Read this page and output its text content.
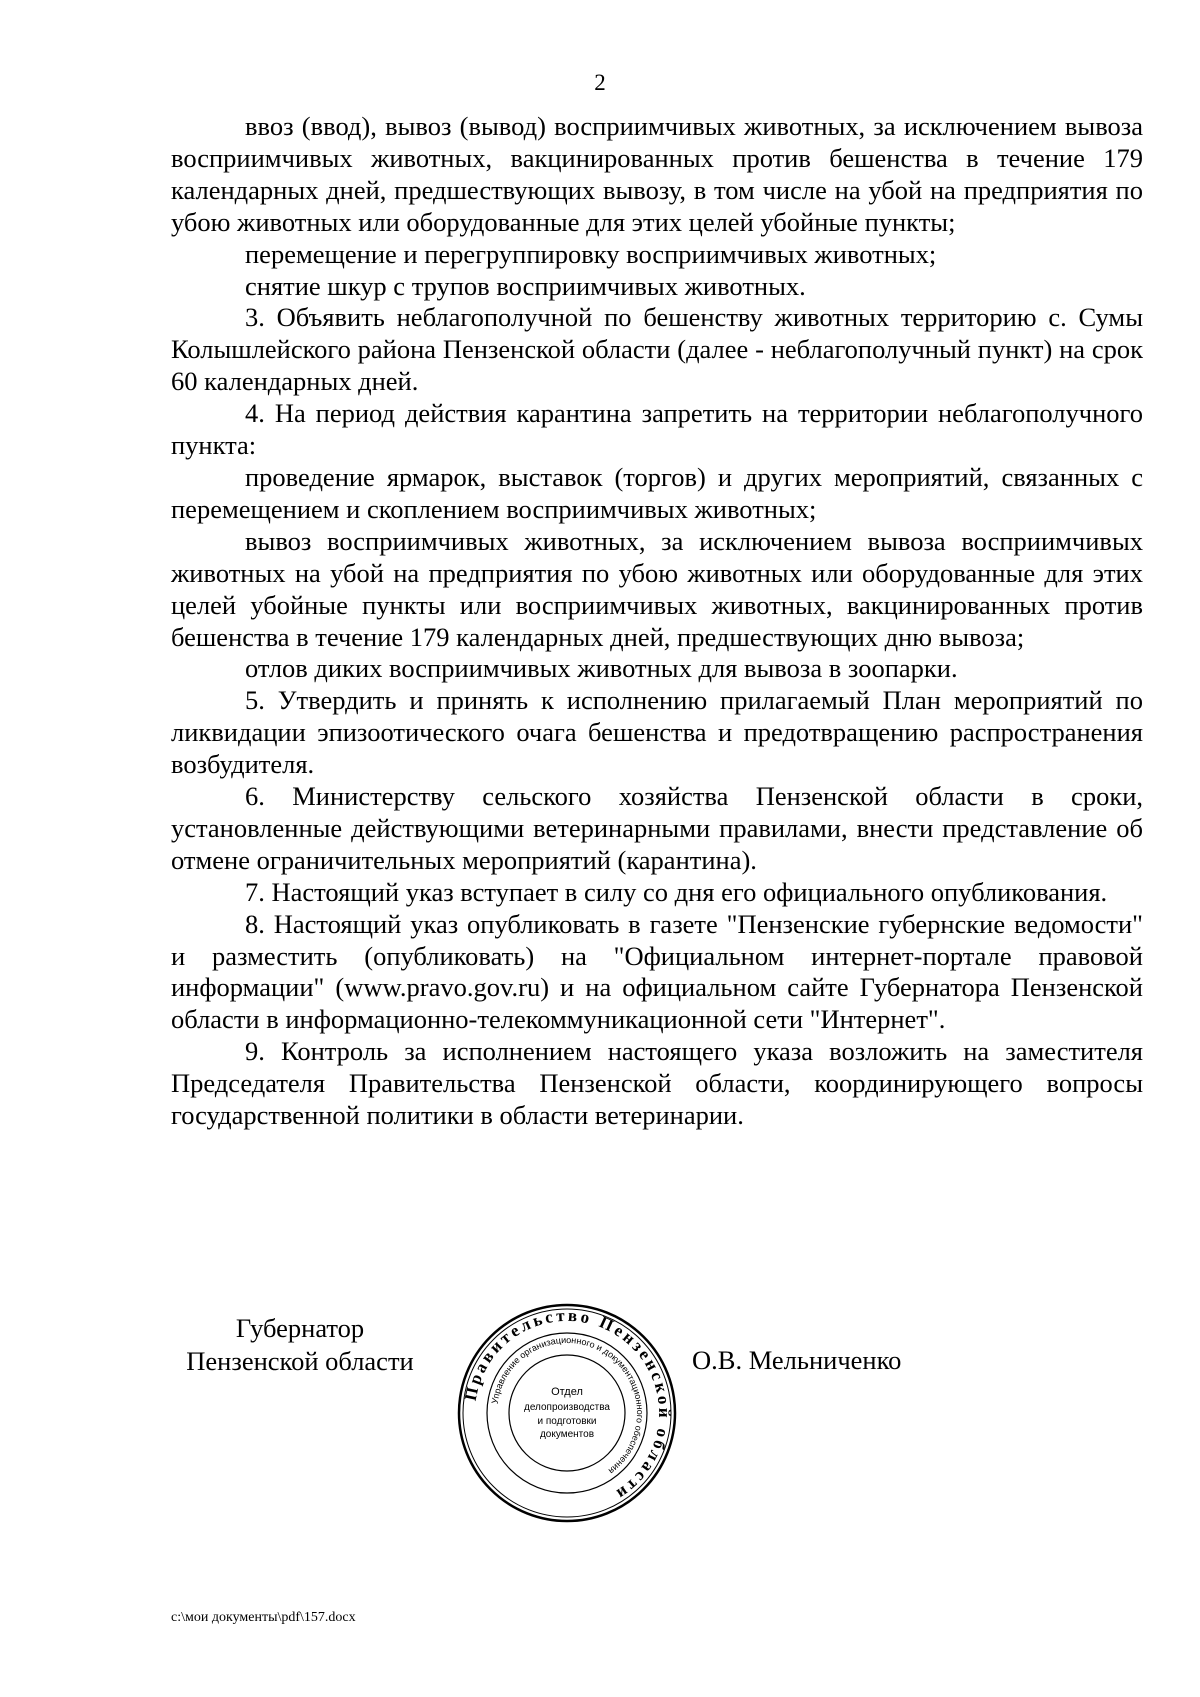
2

ввоз (ввод), вывоз (вывод) восприимчивых животных, за исключением вывоза восприимчивых животных, вакцинированных против бешенства в течение 179 календарных дней, предшествующих вывозу, в том числе на убой на предприятия по убою животных или оборудованные для этих целей убойные пункты;

перемещение и перегруппировку восприимчивых животных;

снятие шкур с трупов восприимчивых животных.

3. Объявить неблагополучной по бешенству животных территорию с. Сумы Колышлейского района Пензенской области (далее - неблагополучный пункт) на срок 60 календарных дней.

4. На период действия карантина запретить на территории неблагополучного пункта:

проведение ярмарок, выставок (торгов) и других мероприятий, связанных с перемещением и скоплением восприимчивых животных;

вывоз восприимчивых животных, за исключением вывоза восприимчивых животных на убой на предприятия по убою животных или оборудованные для этих целей убойные пункты или восприимчивых животных, вакцинированных против бешенства в течение 179 календарных дней, предшествующих дню вывоза;

отлов диких восприимчивых животных для вывоза в зоопарки.

5. Утвердить и принять к исполнению прилагаемый План мероприятий по ликвидации эпизоотического очага бешенства и предотвращению распространения возбудителя.

6. Министерству сельского хозяйства Пензенской области в сроки, установленные действующими ветеринарными правилами, внести представление об отмене ограничительных мероприятий (карантина).

7. Настоящий указ вступает в силу со дня его официального опубликования.

8. Настоящий указ опубликовать в газете "Пензенские губернские ведомости" и разместить (опубликовать) на "Официальном интернет-портале правовой информации" (www.pravo.gov.ru) и на официальном сайте Губернатора Пензенской области в информационно-телекоммуникационной сети "Интернет".

9. Контроль за исполнением настоящего указа возложить на заместителя Председателя Правительства Пензенской области, координирующего вопросы государственной политики в области ветеринарии.

Губернатор
Пензенской области
Правительство Пензенской области
Управление организационного и документационного обеспечения
Отдел
делопроизводства
и подготовки
документов
О.В. Мельниченко
c:\мои документы\pdf\157.docx
